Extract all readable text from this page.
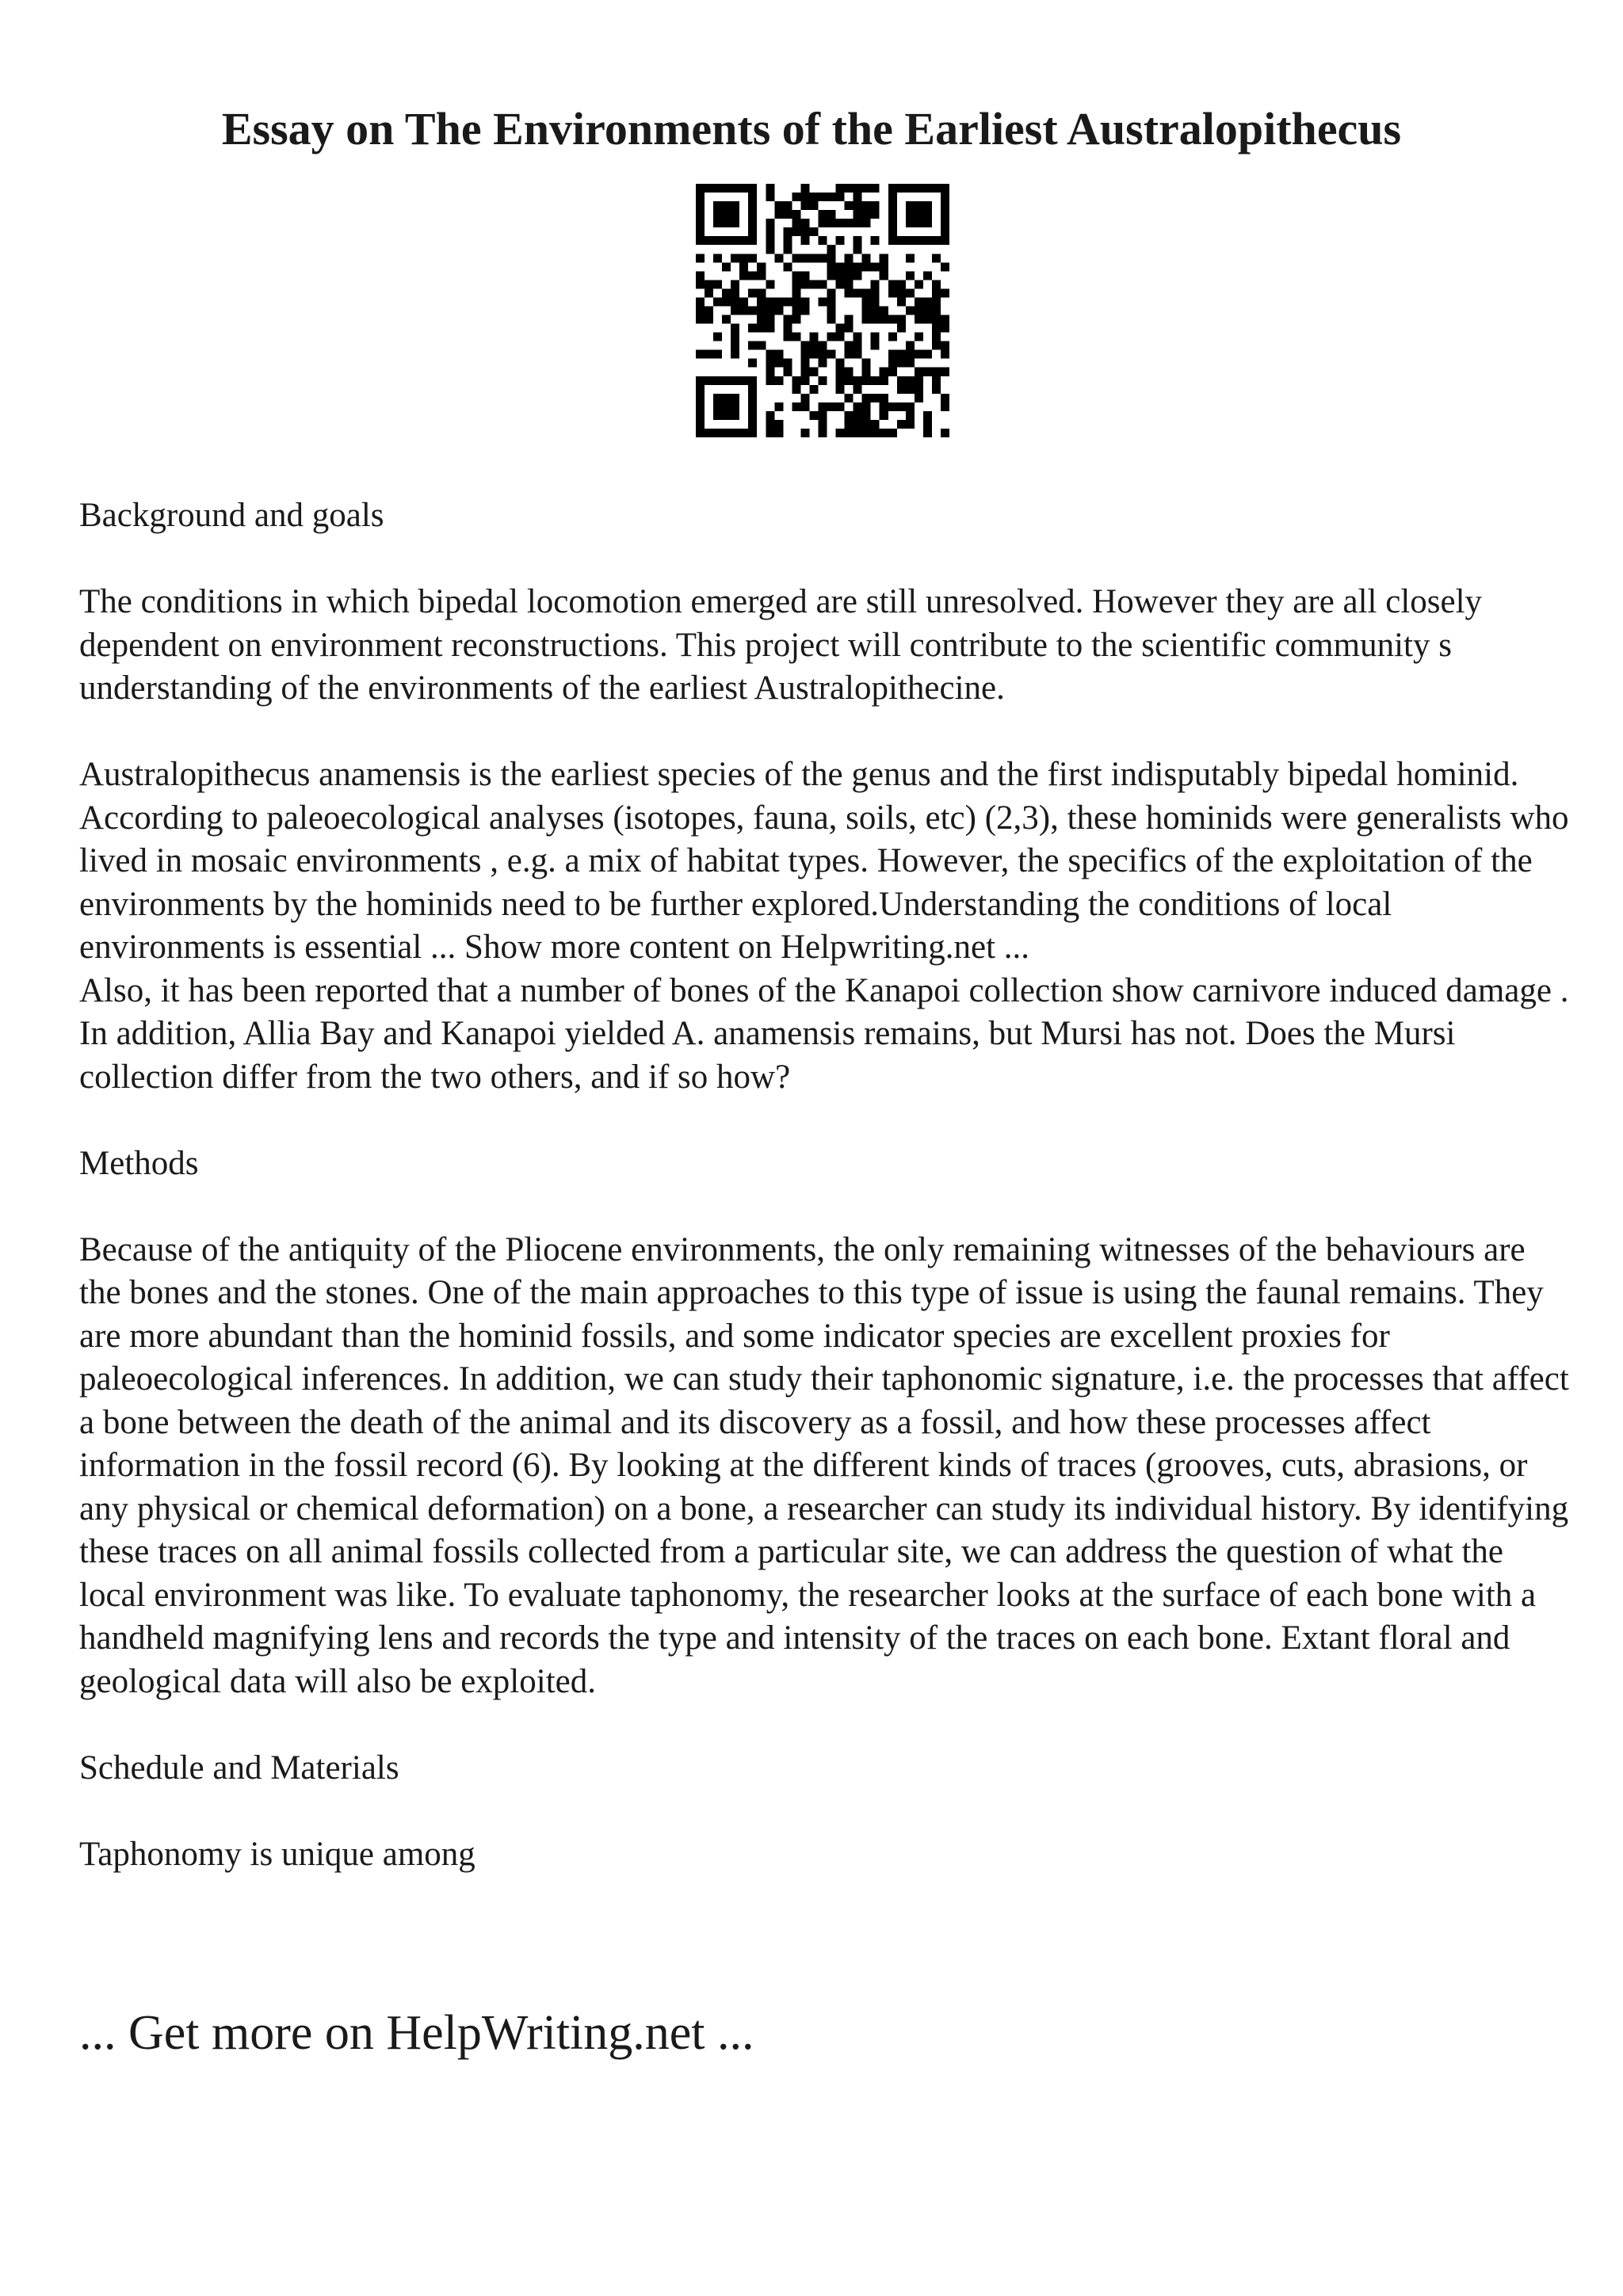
Essay on The Environments of the Earliest Australopithecus

Background and goals

The conditions in which bipedal locomotion emerged are still unresolved. However they are all closely dependent on environment reconstructions. This project will contribute to the scientific community s understanding of the environments of the earliest Australopithecine.

Australopithecus anamensis is the earliest species of the genus and the first indisputably bipedal hominid. According to paleoecological analyses (isotopes, fauna, soils, etc) (2,3), these hominids were generalists who lived in mosaic environments , e.g. a mix of habitat types. However, the specifics of the exploitation of the environments by the hominids need to be further explored.Understanding the conditions of local environments is essential ... Show more content on Helpwriting.net ...

Also, it has been reported that a number of bones of the Kanapoi collection show carnivore induced damage . In addition, Allia Bay and Kanapoi yielded A. anamensis remains, but Mursi has not. Does the Mursi collection differ from the two others, and if so how?

Methods

Because of the antiquity of the Pliocene environments, the only remaining witnesses of the behaviours are the bones and the stones. One of the main approaches to this type of issue is using the faunal remains. They are more abundant than the hominid fossils, and some indicator species are excellent proxies for paleoecological inferences. In addition, we can study their taphonomic signature, i.e. the processes that affect a bone between the death of the animal and its discovery as a fossil, and how these processes affect information in the fossil record (6). By looking at the different kinds of traces (grooves, cuts, abrasions, or any physical or chemical deformation) on a bone, a researcher can study its individual history. By identifying these traces on all animal fossils collected from a particular site, we can address the question of what the local environment was like. To evaluate taphonomy, the researcher looks at the surface of each bone with a handheld magnifying lens and records the type and intensity of the traces on each bone. Extant floral and geological data will also be exploited.

Schedule and Materials

Taphonomy is unique among

... Get more on HelpWriting.net ...
